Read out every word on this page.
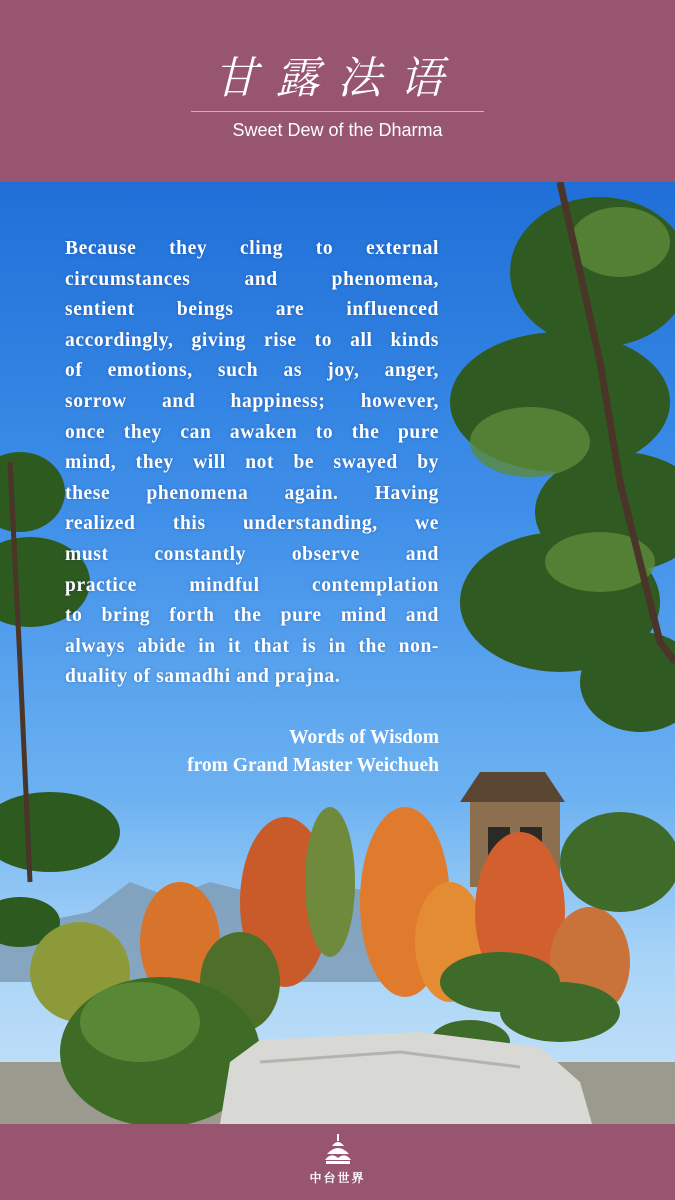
甘露法语
Sweet Dew of the Dharma
Because they cling to external
circumstances and phenomena,
sentient beings are influenced
accordingly, giving rise to all kinds
of emotions, such as joy, anger,
sorrow and happiness; however,
once they can awaken to the pure
mind, they will not be swayed by
these phenomena again. Having
realized this understanding, we
must constantly observe and
practice mindful contemplation
to bring forth the pure mind and
always abide in it that is in the non-
duality of samadhi and prajna.
Words of Wisdom
from Grand Master Weichueh
中台世界
